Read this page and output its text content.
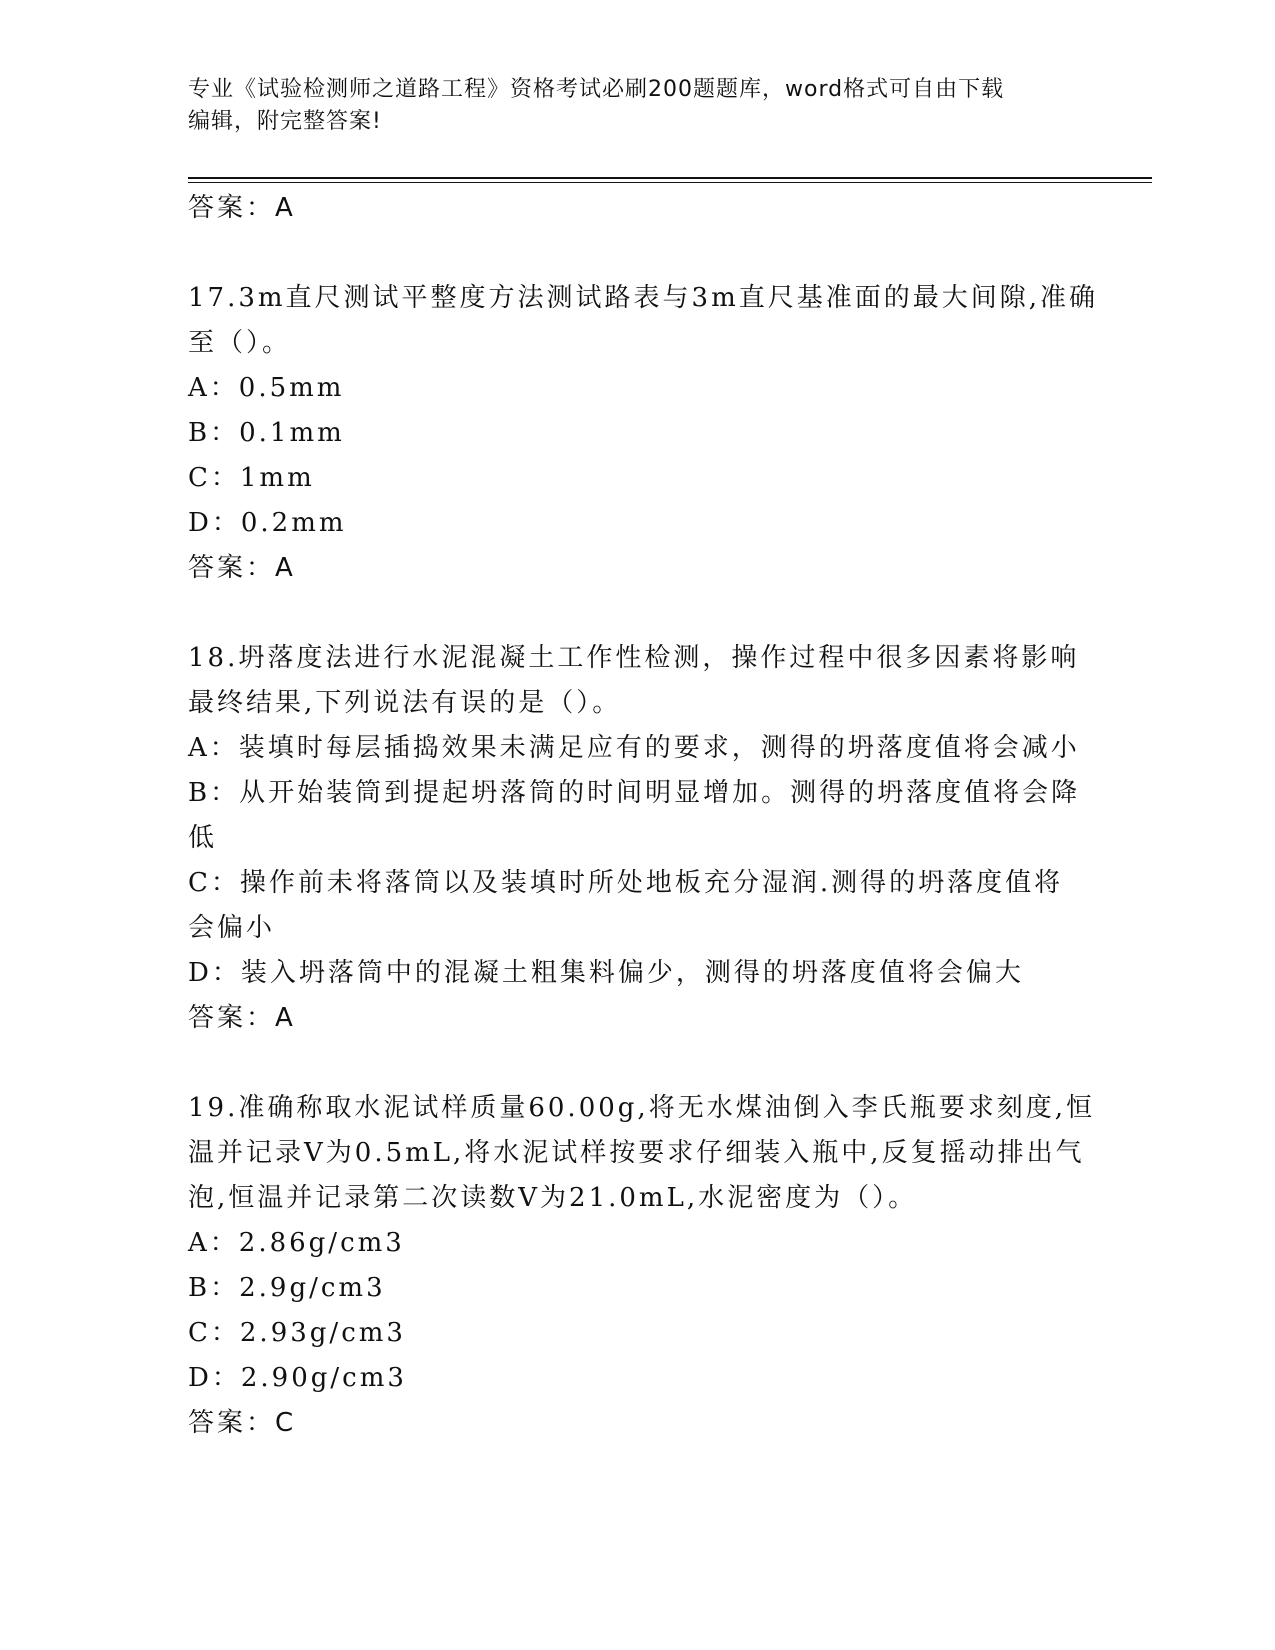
专业《试验检测师之道路工程》资格考试必刷200题题库，word格式可自由下载
编辑，附完整答案!
答案：A
17.3m直尺测试平整度方法测试路表与3m直尺基准面的最大间隙,准确
至（）。
A：0.5mm
B：0.1mm
C：1mm
D：0.2mm
答案：A
18.坍落度法进行水泥混凝土工作性检测，操作过程中很多因素将影响
最终结果,下列说法有误的是（）。
A：装填时每层插捣效果未满足应有的要求，测得的坍落度值将会减小
B：从开始装筒到提起坍落筒的时间明显增加。测得的坍落度值将会降
低
C：操作前未将落筒以及装填时所处地板充分湿润.测得的坍落度值将
会偏小
D：装入坍落筒中的混凝土粗集料偏少，测得的坍落度值将会偏大
答案：A
19.准确称取水泥试样质量60.00g,将无水煤油倒入李氏瓶要求刻度,恒
温并记录V为0.5mL,将水泥试样按要求仔细装入瓶中,反复摇动排出气
泡,恒温并记录第二次读数V为21.0mL,水泥密度为（）。
A：2.86g/cm3
B：2.9g/cm3
C：2.93g/cm3
D：2.90g/cm3
答案：C
